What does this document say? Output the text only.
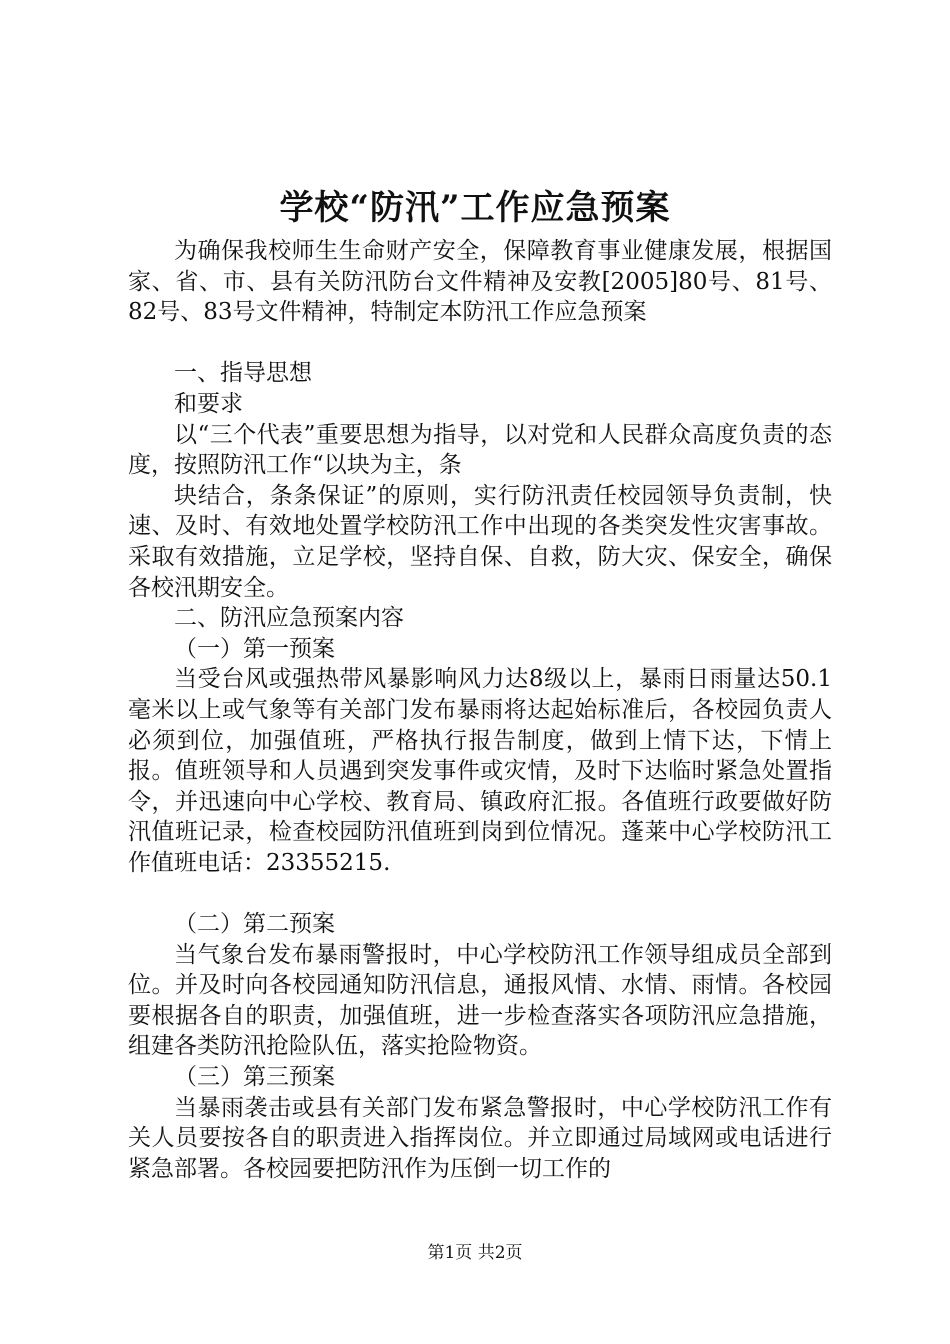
学校“防汛”工作应急预案

为确保我校师生生命财产安全，保障教育事业健康发展，根据国家、省、市、县有关防汛防台文件精神及安教[2005]80号、81号、82号、83号文件精神，特制定本防汛工作应急预案

一、指导思想

和要求

以“三个代表”重要思想为指导，以对党和人民群众高度负责的态度，按照防汛工作“以块为主，条

块结合，条条保证”的原则，实行防汛责任校园领导负责制，快速、及时、有效地处置学校防汛工作中出现的各类突发性灾害事故。采取有效措施，立足学校，坚持自保、自救，防大灾、保安全，确保各校汛期安全。

二、防汛应急预案内容

（一）第一预案

当受台风或强热带风暴影响风力达8级以上，暴雨日雨量达50.1毫米以上或气象等有关部门发布暴雨将达起始标准后，各校园负责人必须到位，加强值班，严格执行报告制度，做到上情下达，下情上报。值班领导和人员遇到突发事件或灾情，及时下达临时紧急处置指令，并迅速向中心学校、教育局、镇政府汇报。各值班行政要做好防汛值班记录，检查校园防汛值班到岗到位情况。蓬莱中心学校防汛工作值班电话：23355215.

（二）第二预案

当气象台发布暴雨警报时，中心学校防汛工作领导组成员全部到位。并及时向各校园通知防汛信息，通报风情、水情、雨情。各校园要根据各自的职责，加强值班，进一步检查落实各项防汛应急措施，组建各类防汛抢险队伍，落实抢险物资。

（三）第三预案

当暴雨袭击或县有关部门发布紧急警报时，中心学校防汛工作有关人员要按各自的职责进入指挥岗位。并立即通过局域网或电话进行紧急部署。各校园要把防汛作为压倒一切工作的

第1页 共2页
